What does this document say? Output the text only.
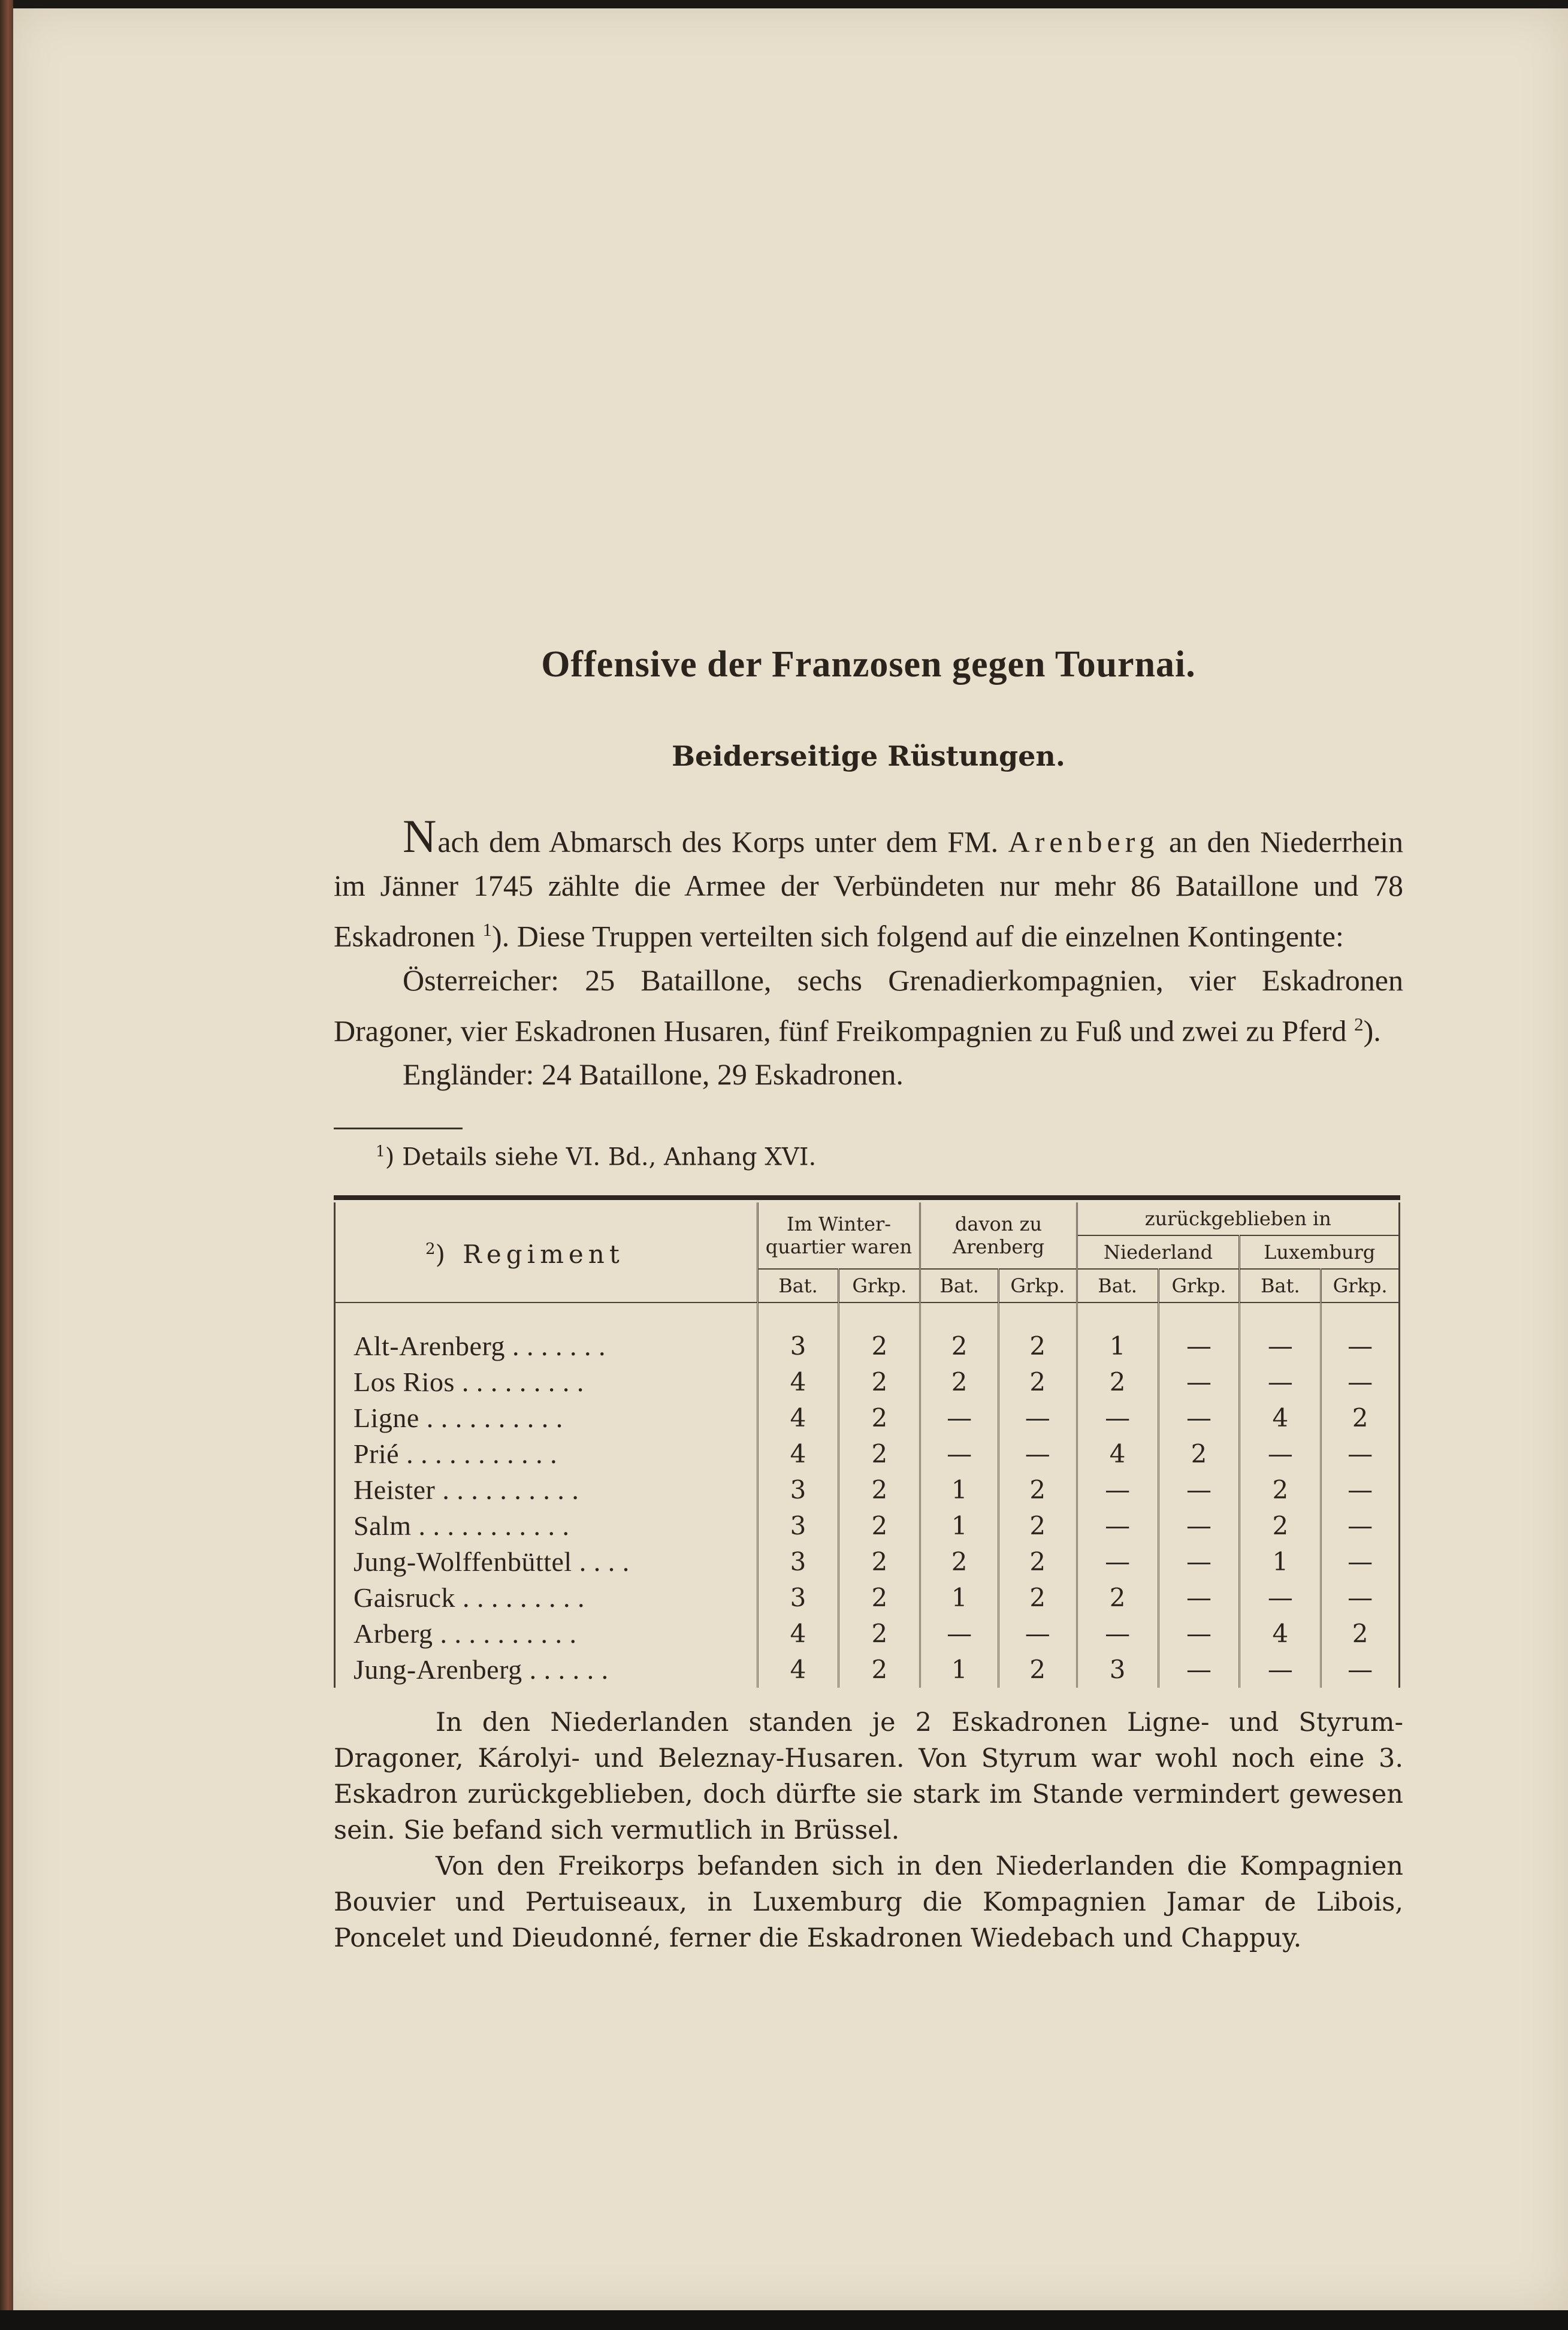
Offensive der Franzosen gegen Tournai.
Beiderseitige Rüstungen.

Nach dem Abmarsch des Korps unter dem FM. Arenberg an den Niederrhein im Jänner 1745 zählte die Armee der Verbündeten nur mehr 86 Bataillone und 78 Eskadronen $^1$). Diese Truppen verteilten sich folgend auf die einzelnen Kontingente:

Österreicher: 25 Bataillone, sechs Grenadierkompagnien, vier Eskadronen Dragoner, vier Eskadronen Husaren, fünf Freikompagnien zu Fuß und zwei zu Pferd $^2$).

Engländer: 24 Bataillone, 29 Eskadronen.

$^1$) Details siehe VI. Bd., Anhang XVI.

$^2$) Regiment	Im Winter-quartier waren		davon zu Arenberg		zurückgeblieben in			
					Niederland		Luxemburg	
	Bat.	Grkp.	Bat.	Grkp.	Bat.	Grkp.	Bat.	Grkp.

Alt-Arenberg . . . . . . .	3	2	2	2	1	—	—	—
Los Rios . . . . . . . . .	4	2	2	2	2	—	—	—
Ligne . . . . . . . . . .	4	2	—	—	—	—	4	2
Prié . . . . . . . . . . .	4	2	—	—	4	2	—	—
Heister . . . . . . . . . .	3	2	1	2	—	—	2	—
Salm . . . . . . . . . . .	3	2	1	2	—	—	2	—
Jung-Wolffenbüttel . . . .	3	2	2	2	—	—	1	—
Gaisruck . . . . . . . . .	3	2	1	2	2	—	—	—
Arberg . . . . . . . . . .	4	2	—	—	—	—	4	2
Jung-Arenberg . . . . . .	4	2	1	2	3	—	—	—

In den Niederlanden standen je 2 Eskadronen Ligne- und Styrum-Dragoner, Károlyi- und Beleznay-Husaren. Von Styrum war wohl noch eine 3. Eskadron zurückgeblieben, doch dürfte sie stark im Stande vermindert gewesen sein. Sie befand sich vermutlich in Brüssel.

Von den Freikorps befanden sich in den Niederlanden die Kompagnien Bouvier und Pertuiseaux, in Luxemburg die Kompagnien Jamar de Libois, Poncelet und Dieudonné, ferner die Eskadronen Wiedebach und Chappuy.
